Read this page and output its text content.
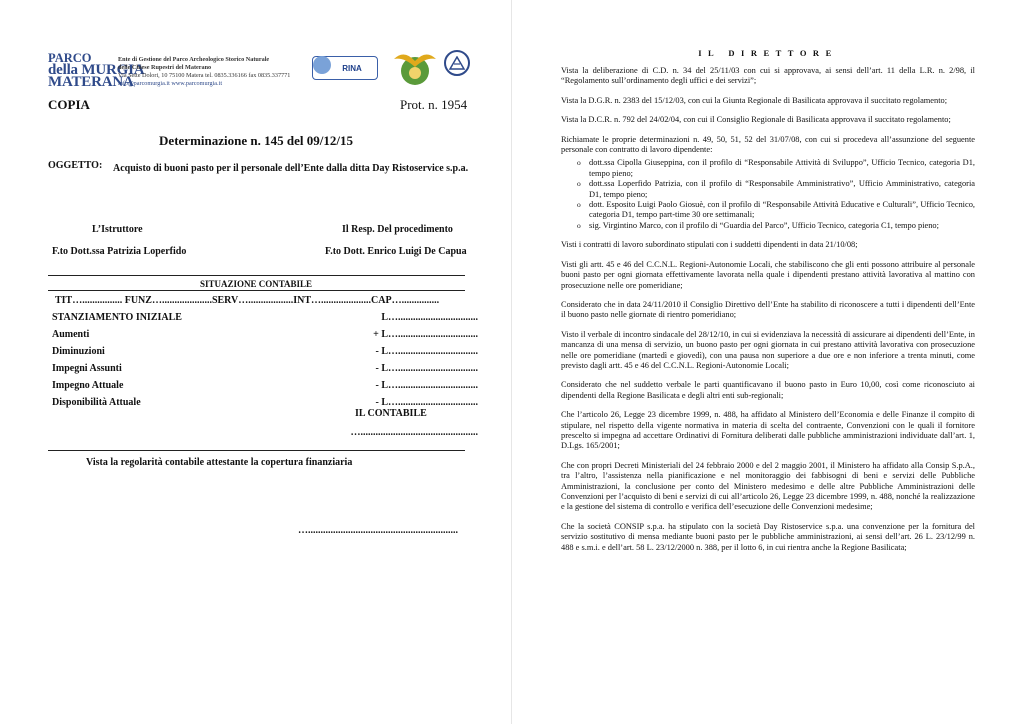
PARCO
della MURGIA
MATERANA
Ente di Gestione del Parco Archeologico Storico Naturale
delle Chiese Rupestri del Materano
Via Sette Dolori, 10 75100 Matera tel. 0835.336166 fax 0835.337771
info@parcomurgia.it www.parcomurgia.it
RINA
COPIA	Prot. n. 1954
Determinazione n. 145 del 09/12/15
OGGETTO: Acquisto di buoni pasto per il personale dell’Ente dalla ditta Day Ristoservice s.p.a.
L’Istruttore	Il Resp. Del procedimento
F.to Dott.ssa Patrizia Loperfido	F.to Dott. Enrico Luigi De Capua
SITUAZIONE CONTABILE
TIT…................ FUNZ…....................SERV…..................INT…....................CAP…...............
STANZIAMENTO INIZIALE	L…................................
Aumenti	+ L…................................
Diminuzioni	- L…................................
Impegni Assunti	- L…................................
Impegno Attuale	- L…................................
Disponibilità Attuale	- L…................................
IL CONTABILE
…...............................................
Vista la regolarità contabile attestante la copertura finanziaria
…............................................................
IL DIRETTORE

Vista la deliberazione di C.D. n. 34 del 25/11/03 con cui si approvava, ai sensi dell’art. 11 della L.R. n. 2/98, il “Regolamento sull’ordinamento degli uffici e dei servizi”;

Vista la D.G.R. n. 2383 del 15/12/03, con cui la Giunta Regionale di Basilicata approvava il succitato regolamento;

Vista la D.C.R. n. 792 del 24/02/04, con cui il Consiglio Regionale di Basilicata approvava il succitato regolamento;

Richiamate le proprie determinazioni n. 49, 50, 51, 52 del 31/07/08, con cui si procedeva all’assunzione del seguente personale con contratto di lavoro dipendente:

o dott.ssa Cipolla Giuseppina, con il profilo di “Responsabile Attività di Sviluppo”, Ufficio Tecnico, categoria D1, tempo pieno;
o dott.ssa Loperfido Patrizia, con il profilo di “Responsabile Amministrativo”, Ufficio Amministrativo, categoria D1, tempo pieno;
o dott. Esposito Luigi Paolo Giosuè, con il profilo di “Responsabile Attività Educative e Culturali”, Ufficio Tecnico, categoria D1, tempo part-time 30 ore settimanali;
o sig. Virgintino Marco, con il profilo di “Guardia del Parco”, Ufficio Tecnico, categoria C1, tempo pieno;

Visti i contratti di lavoro subordinato stipulati con i suddetti dipendenti in data 21/10/08;

Visti gli artt. 45 e 46 del C.C.N.L. Regioni-Autonomie Locali, che stabiliscono che gli enti possono attribuire al personale buoni pasto per ogni giornata effettivamente lavorata nella quale i dipendenti prestano attività lavorativa al mattino con prosecuzione nelle ore pomeridiane;

Considerato che in data 24/11/2010 il Consiglio Direttivo dell’Ente ha stabilito di riconoscere a tutti i dipendenti dell’Ente il buono pasto nelle giornate di rientro pomeridiano;

Visto il verbale di incontro sindacale del 28/12/10, in cui si evidenziava la necessità di assicurare ai dipendenti dell’Ente, in mancanza di una mensa di servizio, un buono pasto per ogni giornata in cui prestano attività lavorativa con prosecuzione nelle ore pomeridiane (martedì e giovedì), con una pausa non superiore a due ore e non inferiore a trenta minuti, come previsto dagli artt. 45 e 46 del C.C.N.L. Regioni-Autonomie Locali;

Considerato che nel suddetto verbale le parti quantificavano il buono pasto in Euro 10,00, così come riconosciuto ai dipendenti della Regione Basilicata e degli altri enti sub-regionali;

Che l’articolo 26, Legge 23 dicembre 1999, n. 488, ha affidato al Ministero dell’Economia e delle Finanze il compito di stipulare, nel rispetto della vigente normativa in materia di scelta del contraente, Convenzioni con le quali il fornitore prescelto si impegna ad accettare Ordinativi di Fornitura deliberati dalle pubbliche amministrazioni individuate dall’art. 1, D.Lgs. 165/2001;

Che con propri Decreti Ministeriali del 24 febbraio 2000 e del 2 maggio 2001, il Ministero ha affidato alla Consip S.p.A., tra l’altro, l’assistenza nella pianificazione e nel monitoraggio dei fabbisogni di beni e servizi delle Pubbliche Amministrazioni, la conclusione per conto del Ministero medesimo e delle altre Pubbliche Amministrazioni delle Convenzioni per l’acquisto di beni e servizi di cui all’articolo 26, Legge 23 dicembre 1999, n. 488, nonché la realizzazione e la gestione del sistema di controllo e verifica dell’esecuzione delle Convenzioni medesime;

Che la società CONSIP s.p.a. ha stipulato con la società Day Ristoservice s.p.a. una convenzione per la fornitura del servizio sostitutivo di mensa mediante buoni pasto per le pubbliche amministrazioni, ai sensi dell’art. 26 L. 23/12/99 n. 488 e s.m.i. e dell’art. 58 L. 23/12/2000 n. 388, per il lotto 6, in cui rientra anche la Regione Basilicata;
